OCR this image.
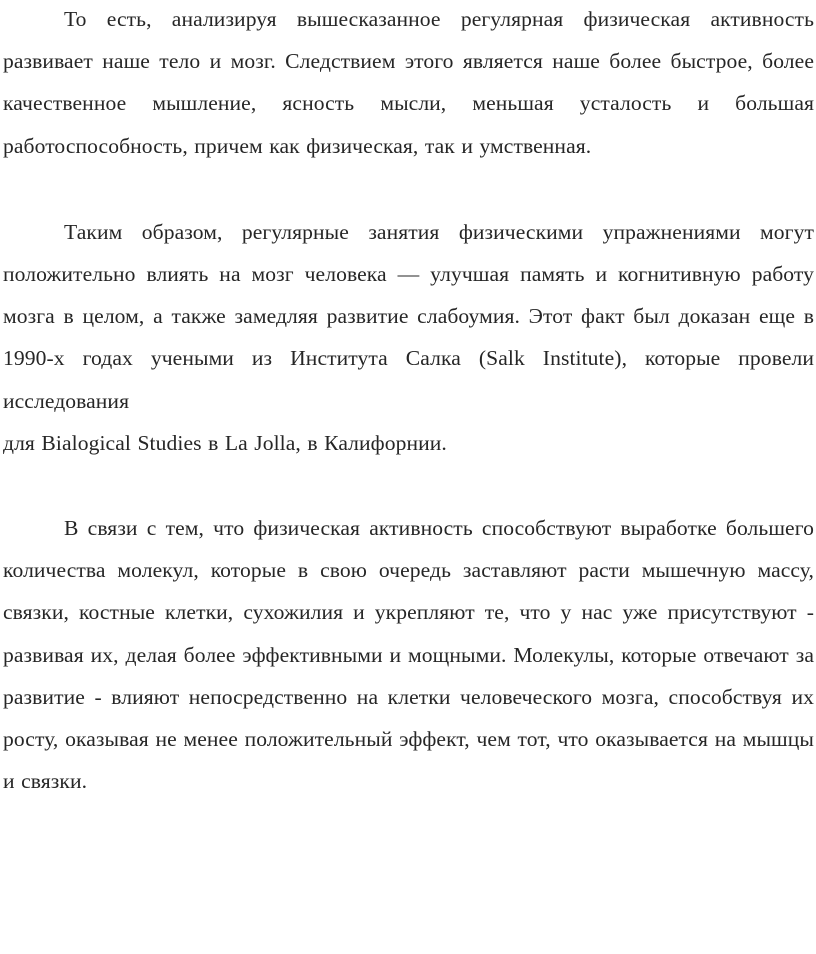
То есть, анализируя вышесказанное регулярная физическая активность развивает наше тело и мозг. Следствием этого является наше более быстрое, более качественное мышление, ясность мысли, меньшая усталость и большая работоспособность, причем как физическая, так и умственная.

Таким образом, регулярные занятия физическими упражнениями могут положительно влиять на мозг человека — улучшая память и когнитивную работу мозга в целом, а также замедляя развитие слабоумия. Этот факт был доказан еще в 1990-х годах учеными из Института Салка (Salk Institute), которые провели исследования
для Bialogical Studies в La Jolla, в Калифорнии.

В связи с тем, что физическая активность способствуют выработке большего количества молекул, которые в свою очередь заставляют расти мышечную массу, связки, костные клетки, сухожилия и укрепляют те, что у нас уже присутствуют - развивая их, делая более эффективными и мощными. Молекулы, которые отвечают за развитие - влияют непосредственно на клетки человеческого мозга, способствуя их росту, оказывая не менее положительный эффект, чем тот, что оказывается на мышцы и связки.
